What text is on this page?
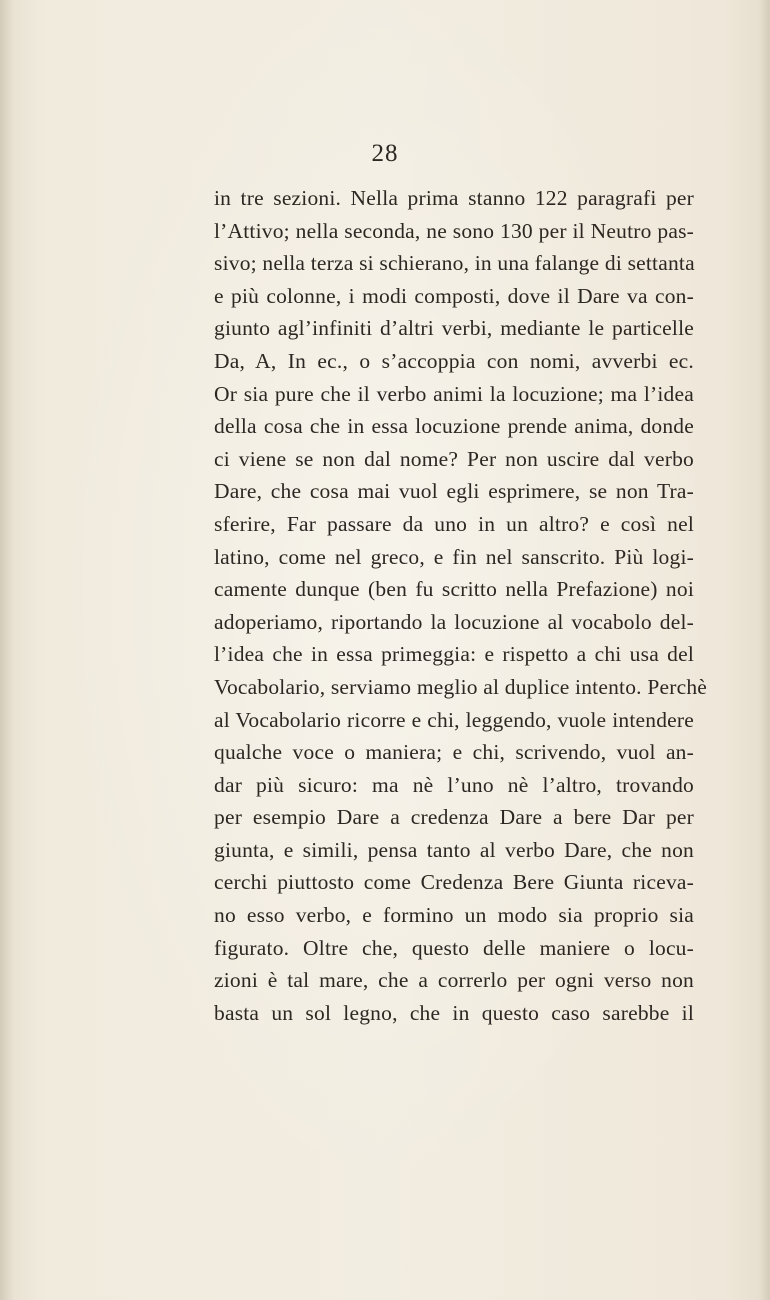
28
in tre sezioni. Nella prima stanno 122 paragrafi per
l’Attivo; nella seconda, ne sono 130 per il Neutro pas-
sivo; nella terza si schierano, in una falange di settanta
e più colonne, i modi composti, dove il Dare va con-
giunto agl’infiniti d’altri verbi, mediante le particelle
Da, A, In ec., o s’accoppia con nomi, avverbi ec.
Or sia pure che il verbo animi la locuzione; ma l’idea
della cosa che in essa locuzione prende anima, donde
ci viene se non dal nome? Per non uscire dal verbo
Dare, che cosa mai vuol egli esprimere, se non Tra-
sferire, Far passare da uno in un altro? e così nel
latino, come nel greco, e fin nel sanscrito. Più logi-
camente dunque (ben fu scritto nella Prefazione) noi
adoperiamo, riportando la locuzione al vocabolo del-
l’idea che in essa primeggia: e rispetto a chi usa del
Vocabolario, serviamo meglio al duplice intento. Perchè
al Vocabolario ricorre e chi, leggendo, vuole intendere
qualche voce o maniera; e chi, scrivendo, vuol an-
dar più sicuro: ma nè l’uno nè l’altro, trovando
per esempio Dare a credenza Dare a bere Dar per
giunta, e simili, pensa tanto al verbo Dare, che non
cerchi piuttosto come Credenza Bere Giunta riceva-
no esso verbo, e formino un modo sia proprio sia
figurato. Oltre che, questo delle maniere o locu-
zioni è tal mare, che a correrlo per ogni verso non
basta un sol legno, che in questo caso sarebbe il
